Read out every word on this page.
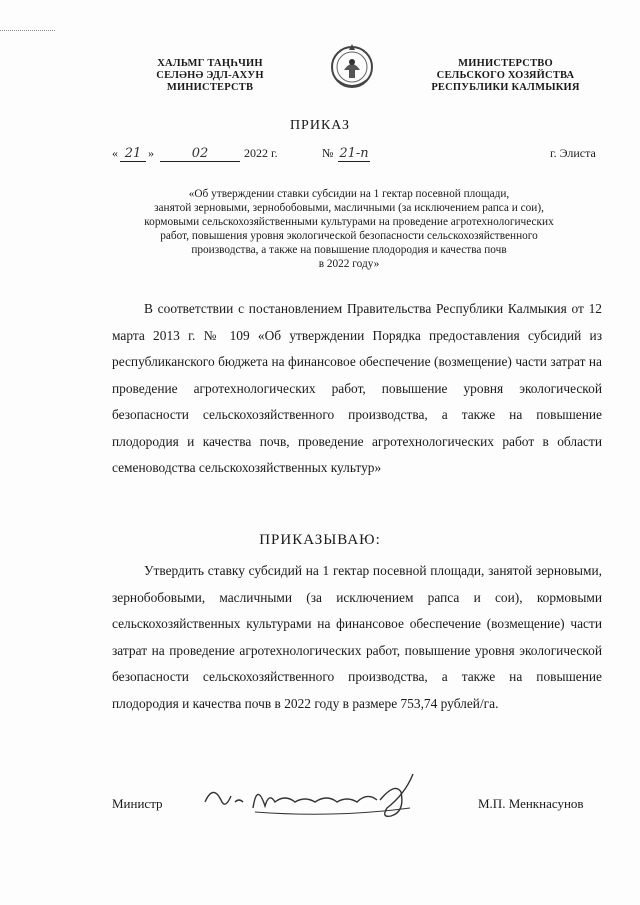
ХАЛЬМГ ТАҢҺЧИН
СЕЛӘНӘ ЭДЛ-АХУН
МИНИСТЕРСТВ
МИНИСТЕРСТВО
СЕЛЬСКОГО ХОЗЯЙСТВА
РЕСПУБЛИКИ КАЛМЫКИЯ
ПРИКАЗ
« 21 »	02	2022 г.	№ 21-п	г. Элиста
«Об утверждении ставки субсидии на 1 гектар посевной площади,
занятой зерновыми, зернобобовыми, масличными (за исключением рапса и сои),
кормовыми сельскохозяйственными культурами на проведение агротехнологических
работ, повышения уровня экологической безопасности сельскохозяйственного
производства, а также на повышение плодородия и качества почв
в 2022 году»
В соответствии с постановлением Правительства Республики Калмыкия от 12 марта 2013 г. № 109 «Об утверждении Порядка предоставления субсидий из республиканского бюджета на финансовое обеспечение (возмещение) части затрат на проведение агротехнологических работ, повышение уровня экологической безопасности сельскохозяйственного производства, а также на повышение плодородия и качества почв, проведение агротехнологических работ в области семеноводства сельскохозяйственных культур»
ПРИКАЗЫВАЮ:
Утвердить ставку субсидий на 1 гектар посевной площади, занятой зерновыми, зернобобовыми, масличными (за исключением рапса и сои), кормовыми сельскохозяйственных культурами на финансовое обеспечение (возмещение) части затрат на проведение агротехнологических работ, повышение уровня экологической безопасности сельскохозяйственного производства, а также на повышение плодородия и качества почв в 2022 году в размере 753,74 рублей/га.
Министр	М.П. Менкнасунов
